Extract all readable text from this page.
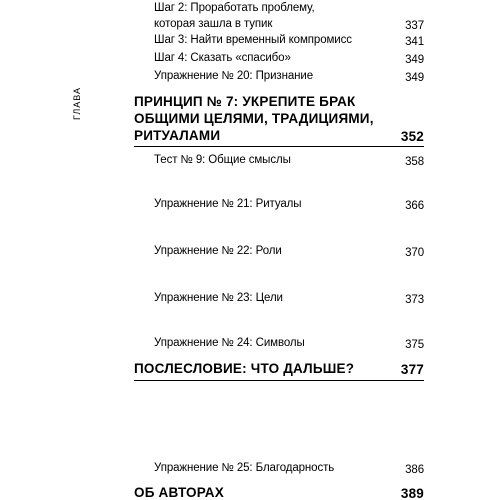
ГЛАВА
Шаг 2: Проработать проблему,
которая зашла в тупик	337
Шаг 3: Найти временный компромисс	341
Шаг 4: Сказать «спасибо»	349
Упражнение № 20: Признание	349
ПРИНЦИП № 7: УКРЕПИТЕ БРАК
ОБЩИМИ ЦЕЛЯМИ, ТРАДИЦИЯМИ,
РИТУАЛАМИ	352
Тест № 9: Общие смыслы	358
Упражнение № 21: Ритуалы	366
Упражнение № 22: Роли	370
Упражнение № 23: Цели	373
Упражнение № 24: Символы	375
ПОСЛЕСЛОВИЕ: ЧТО ДАЛЬШЕ?	377
Упражнение № 25: Благодарность	386
ОБ АВТОРАХ	389
